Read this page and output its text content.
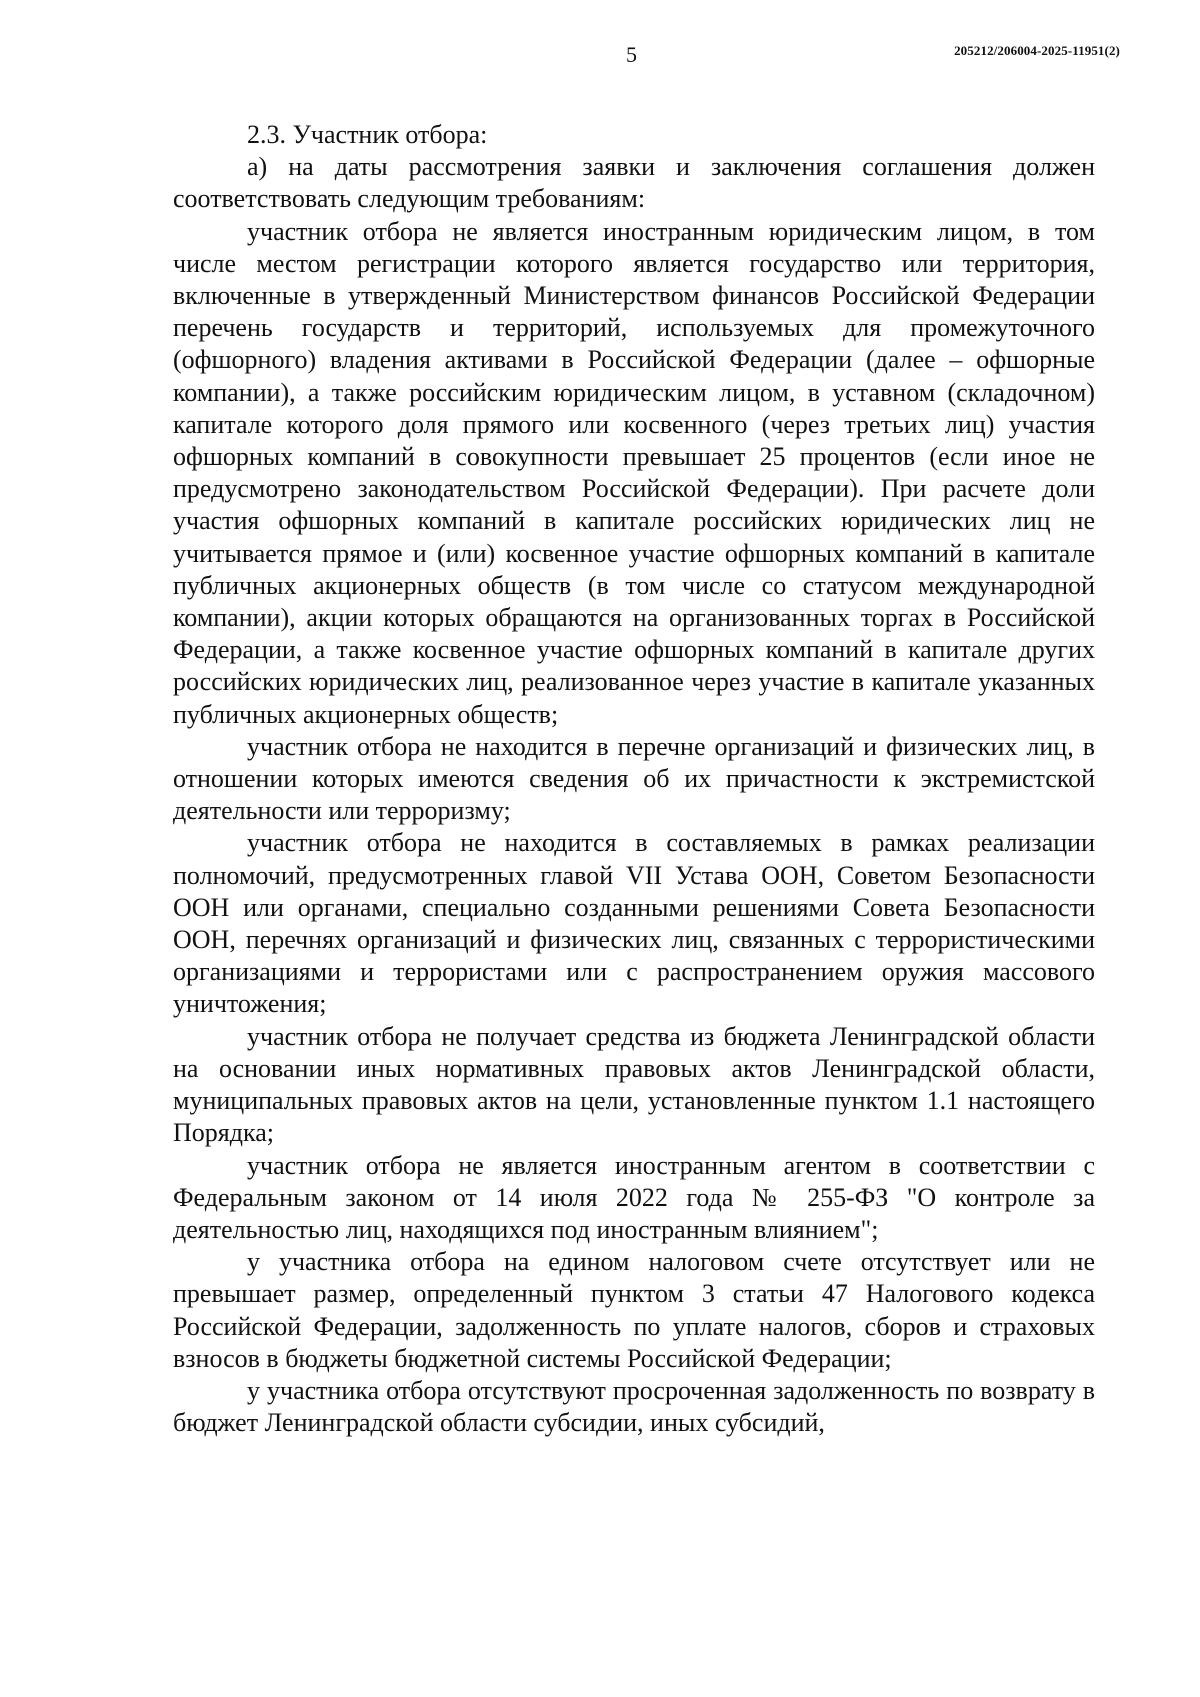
5	205212/206004-2025-11951(2)

2.3. Участник отбора:

а) на даты рассмотрения заявки и заключения соглашения должен соответствовать следующим требованиям:

участник отбора не является иностранным юридическим лицом, в том числе местом регистрации которого является государство или территория, включенные в утвержденный Министерством финансов Российской Федерации перечень государств и территорий, используемых для промежуточного (офшорного) владения активами в Российской Федерации (далее – офшорные компании), а также российским юридическим лицом, в уставном (складочном) капитале которого доля прямого или косвенного (через третьих лиц) участия офшорных компаний в совокупности превышает 25 процентов (если иное не предусмотрено законодательством Российской Федерации). При расчете доли участия офшорных компаний в капитале российских юридических лиц не учитывается прямое и (или) косвенное участие офшорных компаний в капитале публичных акционерных обществ (в том числе со статусом международной компании), акции которых обращаются на организованных торгах в Российской Федерации, а также косвенное участие офшорных компаний в капитале других российских юридических лиц, реализованное через участие в капитале указанных публичных акционерных обществ;

участник отбора не находится в перечне организаций и физических лиц, в отношении которых имеются сведения об их причастности к экстремистской деятельности или терроризму;

участник отбора не находится в составляемых в рамках реализации полномочий, предусмотренных главой VII Устава ООН, Советом Безопасности ООН или органами, специально созданными решениями Совета Безопасности ООН, перечнях организаций и физических лиц, связанных с террористическими организациями и террористами или с распространением оружия массового уничтожения;

участник отбора не получает средства из бюджета Ленинградской области на основании иных нормативных правовых актов Ленинградской области, муниципальных правовых актов на цели, установленные пунктом 1.1 настоящего Порядка;

участник отбора не является иностранным агентом в соответствии с Федеральным законом от 14 июля 2022 года № 255-ФЗ "О контроле за деятельностью лиц, находящихся под иностранным влиянием";

у участника отбора на едином налоговом счете отсутствует или не превышает размер, определенный пунктом 3 статьи 47 Налогового кодекса Российской Федерации, задолженность по уплате налогов, сборов и страховых взносов в бюджеты бюджетной системы Российской Федерации;

у участника отбора отсутствуют просроченная задолженность по возврату в бюджет Ленинградской области субсидии, иных субсидий,
